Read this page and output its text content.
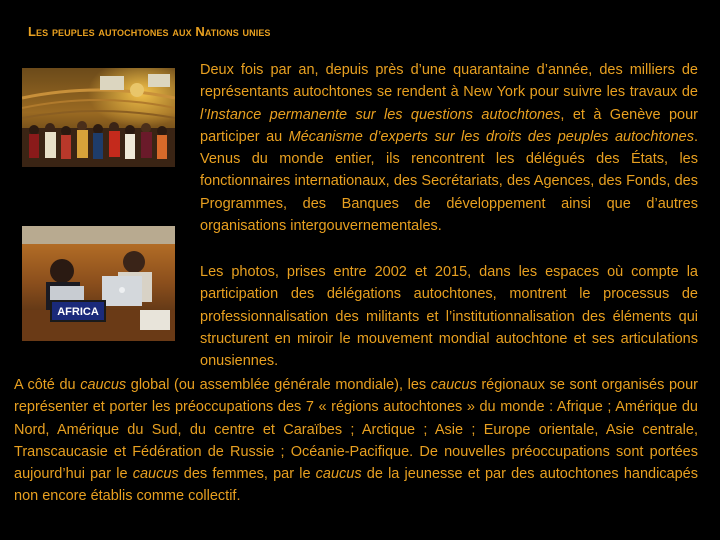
Les peuples autochtones aux Nations unies
AFRICA
Deux fois par an, depuis près d’une quarantaine d’année, des milliers de représentants autochtones se rendent à New York pour suivre les travaux de l’Instance permanente sur les questions autochtones, et à Genève pour participer au Mécanisme d’experts sur les droits des peuples autochtones. Venus du monde entier, ils rencontrent les délégués des États, les fonctionnaires internationaux, des Secrétariats, des Agences, des Fonds, des Programmes, des Banques de développement ainsi que d’autres organisations intergouvernementales.
Les photos, prises entre 2002 et 2015, dans les espaces où compte la participation des délégations autochtones, montrent le processus de professionnalisation des militants et l’institutionnalisation des éléments qui structurent en miroir le mouvement mondial autochtone et ses articulations onusiennes.
A côté du caucus global (ou assemblée générale mondiale), les caucus régionaux se sont organisés pour représenter et porter les préoccupations des 7 « régions autochtones » du monde : Afrique ; Amérique du Nord, Amérique du Sud, du centre et Caraïbes ; Arctique ; Asie ; Europe orientale, Asie centrale, Transcaucasie et Fédération de Russie ; Océanie-Pacifique. De nouvelles préoccupations sont portées aujourd’hui par le caucus des femmes, par le caucus de la jeunesse et par des autochtones handicapés non encore établis comme collectif.
